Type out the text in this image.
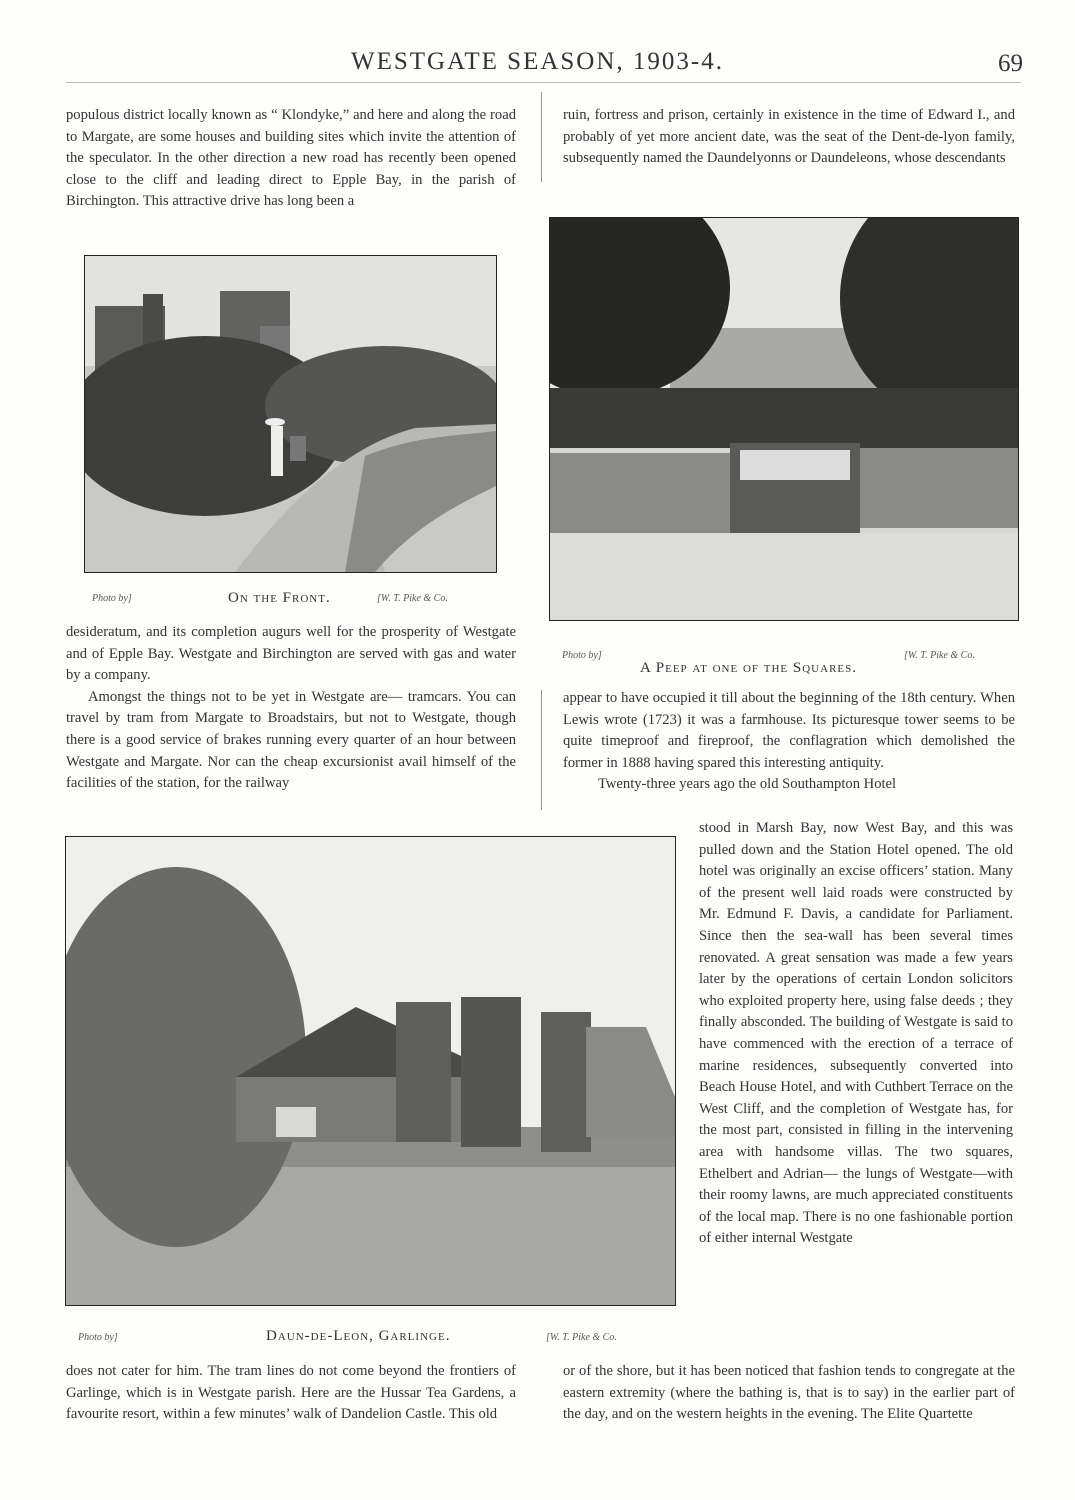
WESTGATE SEASON, 1903-4.	69

populous district locally known as “ Klondyke,” and here and along the road to Margate, are some houses and building sites which invite the attention of the speculator. In the other direction a new road has recently been opened close to the cliff and leading direct to Epple Bay, in the parish of Birchington. This attractive drive has long been a

ruin, fortress and prison, certainly in existence in the time of Edward I., and probably of yet more ancient date, was the seat of the Dent-de-lyon family, subsequently named the Daundelyonns or Daundeleons, whose descendants

Photo by]	On the Front.	[W. T. Pike & Co.
Photo by]	[W. T. Pike & Co.
A Peep at one of the Squares.

desideratum, and its completion augurs well for the prosperity of Westgate and of Epple Bay. Westgate and Birchington are served with gas and water by a company.

Amongst the things not to be yet in Westgate are— tramcars. You can travel by tram from Margate to Broadstairs, but not to Westgate, though there is a good service of brakes running every quarter of an hour between Westgate and Margate. Nor can the cheap excursionist avail himself of the facilities of the station, for the railway

appear to have occupied it till about the beginning of the 18th century. When Lewis wrote (1723) it was a farmhouse. Its picturesque tower seems to be quite timeproof and fireproof, the conflagration which demolished the former in 1888 having spared this interesting antiquity.

Twenty-three years ago the old Southampton Hotel

Photo by]	Daun-de-Leon, Garlinge.	[W. T. Pike & Co.

stood in Marsh Bay, now West Bay, and this was pulled down and the Station Hotel opened. The old hotel was originally an excise officers’ station. Many of the present well laid roads were constructed by Mr. Edmund F. Davis, a candidate for Parliament. Since then the sea-wall has been several times renovated. A great sensation was made a few years later by the operations of certain London solicitors who exploited property here, using false deeds ; they finally absconded. The building of Westgate is said to have commenced with the erection of a terrace of marine residences, subsequently converted into Beach House Hotel, and with Cuthbert Terrace on the West Cliff, and the completion of Westgate has, for the most part, consisted in filling in the intervening area with handsome villas. The two squares, Ethelbert and Adrian— the lungs of Westgate—with their roomy lawns, are much appreciated constituents of the local map. There is no one fashionable portion of either internal Westgate

does not cater for him. The tram lines do not come beyond the frontiers of Garlinge, which is in Westgate parish. Here are the Hussar Tea Gardens, a favourite resort, within a few minutes’ walk of Dandelion Castle. This old

or of the shore, but it has been noticed that fashion tends to congregate at the eastern extremity (where the bathing is, that is to say) in the earlier part of the day, and on the western heights in the evening. The Elite Quartette
